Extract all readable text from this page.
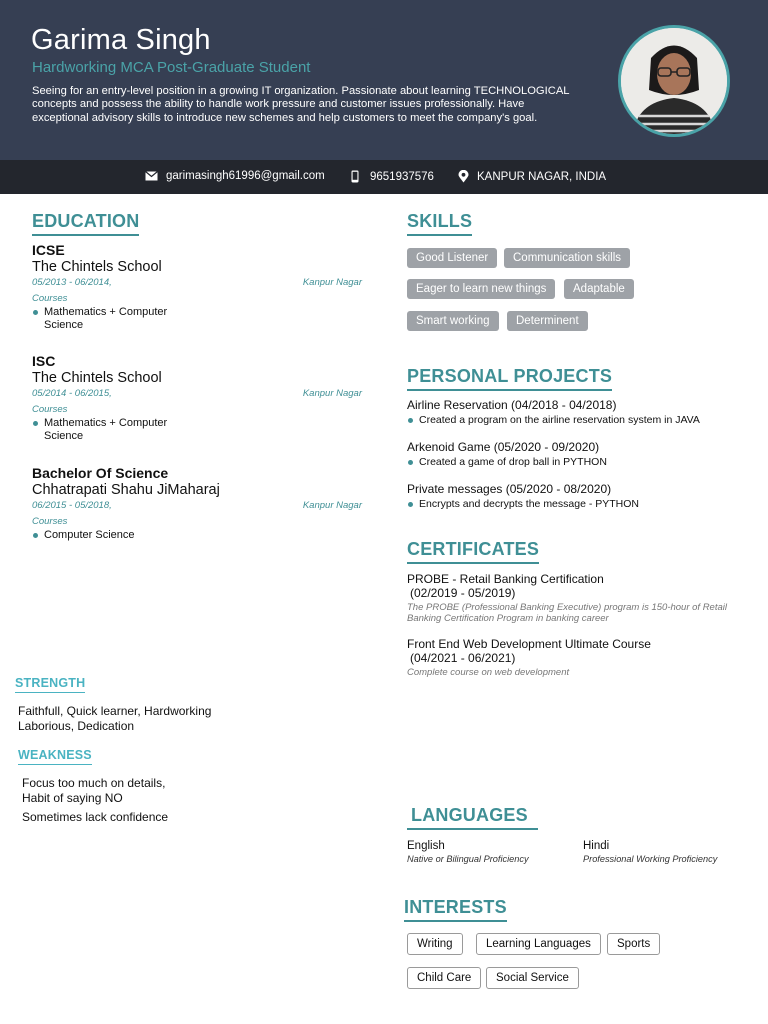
Garima Singh
Hardworking MCA Post-Graduate Student
Seeing for an entry-level position in a growing IT organization. Passionate about learning TECHNOLOGICAL concepts and possess the ability to handle work pressure and customer issues professionally. Have exceptional advisory skills to introduce new schemes and help customers to meet the company's goal.
garimasingh61996@gmail.com	9651937576	KANPUR NAGAR, INDIA
EDUCATION
ICSE
The Chintels School
05/2013 - 06/2014,	Kanpur Nagar
Courses
Mathematics + Computer Science
ISC
The Chintels School
05/2014 - 06/2015,	Kanpur Nagar
Courses
Mathematics + Computer Science
Bachelor Of Science
Chhatrapati Shahu JiMaharaj
06/2015 - 05/2018,	Kanpur Nagar
Courses
Computer Science
SKILLS
Good Listener	Communication skills
Eager to learn new things	Adaptable
Smart working	Determinent
PERSONAL PROJECTS
Airline Reservation (04/2018 - 04/2018)
Created a program on the airline reservation system in JAVA
Arkenoid Game (05/2020 - 09/2020)
Created a game of drop ball in PYTHON
Private messages (05/2020 - 08/2020)
Encrypts and decrypts the message - PYTHON
CERTIFICATES
PROBE - Retail Banking Certification
(02/2019 - 05/2019)
The PROBE (Professional Banking Executive) program is 150-hour of Retail Banking Certification Program in banking career
Front End Web Development Ultimate Course
(04/2021 - 06/2021)
Complete course on web development
STRENGTH
Faithfull, Quick learner, Hardworking
Laborious, Dedication
WEAKNESS
Focus too much on details,
Habit of saying NO
Sometimes lack confidence	LANGUAGES
English
Native or Bilingual Proficiency
Hindi
Professional Working Proficiency
INTERESTS
Writing	Learning Languages	Sports
Child Care	Social Service
